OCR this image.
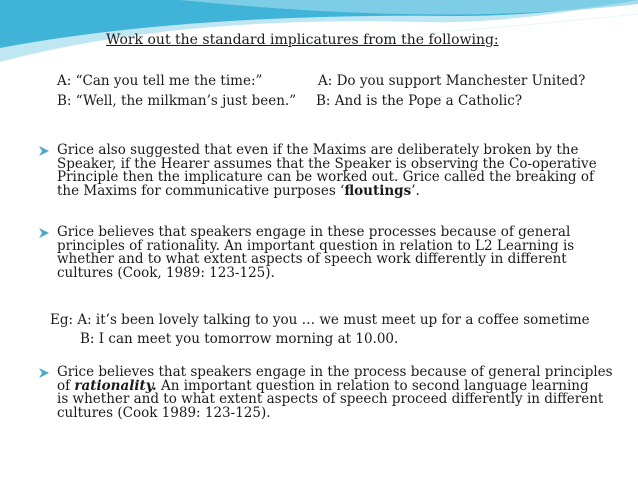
Work out the standard implicatures from the following:
A: “Can you tell me the time:”
B: “Well, the milkman’s just been.”
A: Do you support Manchester United?
B: And is the Pope a Catholic?
Grice also suggested that even if the Maxims are deliberately broken by the
Speaker, if the Hearer assumes that the Speaker is observing the Co-operative
Principle then the implicature can be worked out. Grice called the breaking of
the Maxims for communicative purposes ‘floutings’.
Grice believes that speakers engage in these processes because of general
principles of rationality. An important question in relation to L2 Learning is
whether and to what extent aspects of speech work differently in different
cultures (Cook, 1989: 123-125).
Eg: A: it’s been lovely talking to you … we must meet up for a coffee sometime
B: I can meet you tomorrow morning at 10.00.
Grice believes that speakers engage in the process because of general principles
of rationality. An important question in relation to second language learning
is whether and to what extent aspects of speech proceed differently in different
cultures (Cook 1989: 123-125).
